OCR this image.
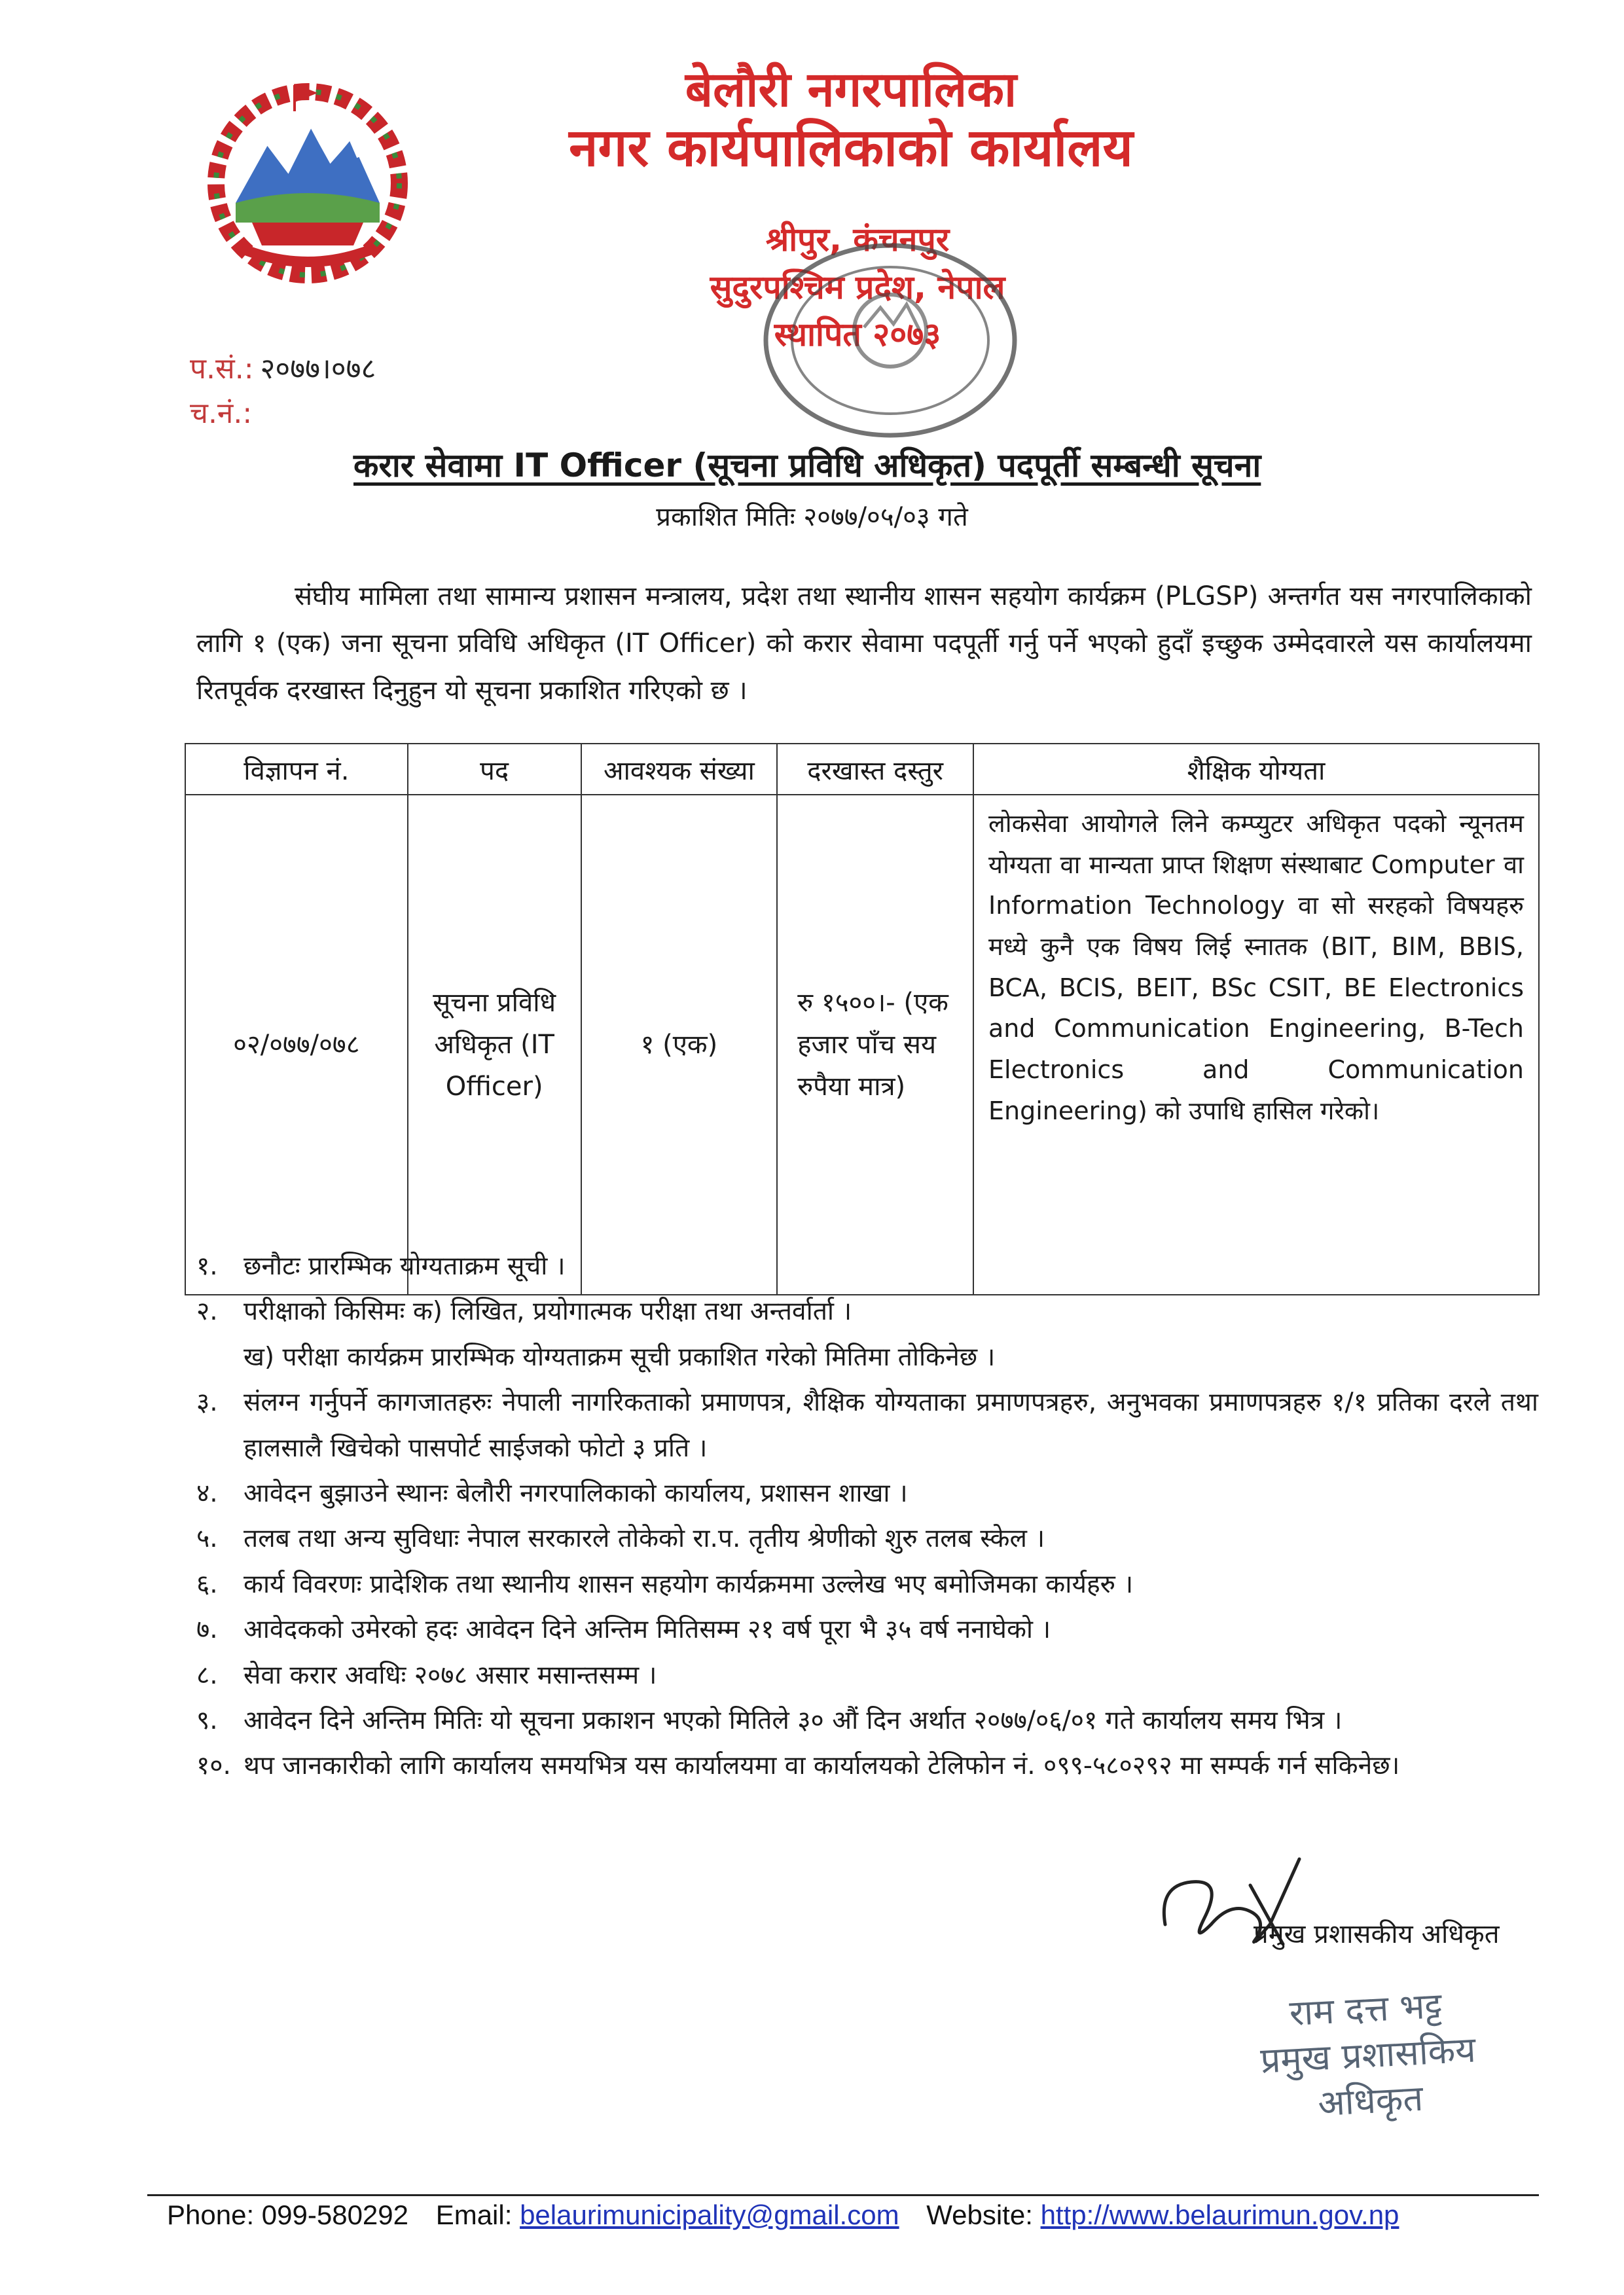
बेलौरी नगरपालिका
नगर कार्यपालिकाको कार्यालय
श्रीपुर, कंचनपुर
सुदुरपश्चिम प्रदेश, नेपाल
स्थापित २०७३
प.सं.: २०७७।०७८
च.नं.:
करार सेवामा IT Officer (सूचना प्रविधि अधिकृत) पदपूर्ती सम्बन्धी सूचना
प्रकाशित मितिः २०७७/०५/०३ गते
संघीय मामिला तथा सामान्य प्रशासन मन्त्रालय, प्रदेश तथा स्थानीय शासन सहयोग कार्यक्रम (PLGSP) अन्तर्गत यस नगरपालिकाको लागि १ (एक) जना सूचना प्रविधि अधिकृत (IT Officer) को करार सेवामा पदपूर्ती गर्नु पर्ने भएको हुदाँ इच्छुक उम्मेदवारले यस कार्यालयमा रितपूर्वक दरखास्त दिनुहुन यो सूचना प्रकाशित गरिएको छ ।
विज्ञापन नं.	पद	आवश्यक संख्या	दरखास्त दस्तुर	शैक्षिक योग्यता
०२/०७७/०७८	सूचना प्रविधि अधिकृत (IT Officer)	१ (एक)	रु १५००।- (एक हजार पाँच सय रुपैया मात्र)	लोकसेवा आयोगले लिने कम्प्युटर अधिकृत पदको न्यूनतम योग्यता वा मान्यता प्राप्त शिक्षण संस्थाबाट Computer वा Information Technology वा सो सरहको विषयहरु मध्ये कुनै एक विषय लिई स्नातक (BIT, BIM, BBIS, BCA, BCIS, BEIT, BSc CSIT, BE Electronics and Communication Engineering, B-Tech Electronics and Communication Engineering) को उपाधि हासिल गरेको।
१. छनौटः प्रारम्भिक योग्यताक्रम सूची ।
२. परीक्षाको किसिमः क) लिखित, प्रयोगात्मक परीक्षा तथा अन्तर्वार्ता ।
ख) परीक्षा कार्यक्रम प्रारम्भिक योग्यताक्रम सूची प्रकाशित गरेको मितिमा तोकिनेछ ।
३. संलग्न गर्नुपर्ने कागजातहरुः नेपाली नागरिकताको प्रमाणपत्र, शैक्षिक योग्यताका प्रमाणपत्रहरु, अनुभवका प्रमाणपत्रहरु १/१ प्रतिका दरले तथा हालसालै खिचेको पासपोर्ट साईजको फोटो ३ प्रति ।
४. आवेदन बुझाउने स्थानः बेलौरी नगरपालिकाको कार्यालय, प्रशासन शाखा ।
५. तलब तथा अन्य सुविधाः नेपाल सरकारले तोकेको रा.प. तृतीय श्रेणीको शुरु तलब स्केल ।
६. कार्य विवरणः प्रादेशिक तथा स्थानीय शासन सहयोग कार्यक्रममा उल्लेख भए बमोजिमका कार्यहरु ।
७. आवेदकको उमेरको हदः आवेदन दिने अन्तिम मितिसम्म २१ वर्ष पूरा भै ३५ वर्ष ननाघेको ।
८. सेवा करार अवधिः २०७८ असार मसान्तसम्म ।
९. आवेदन दिने अन्तिम मितिः यो सूचना प्रकाशन भएको मितिले ३० औं दिन अर्थात २०७७/०६/०१ गते कार्यालय समय भित्र ।
१०. थप जानकारीको लागि कार्यालय समयभित्र यस कार्यालयमा वा कार्यालयको टेलिफोन नं. ०९९-५८०२९२ मा सम्पर्क गर्न सकिनेछ।
प्रमुख प्रशासकीय अधिकृत
राम दत्त भट्ट
प्रमुख प्रशासकिय अधिकृत
Phone: 099-580292 Email: belaurimunicipality@gmail.com Website: http://www.belaurimun.gov.np
